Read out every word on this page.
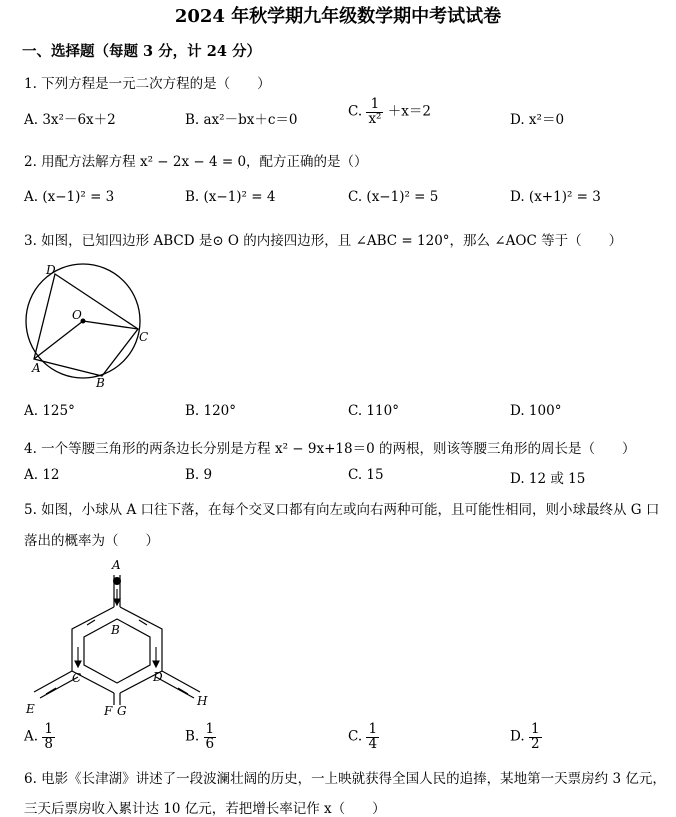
2024 年秋学期九年级数学期中考试试卷
一、选择题（每题 3 分，计 24 分）
1. 下列方程是一元二次方程的是（　　）
A. 3x²－6x＋2	B. ax²－bx＋c＝0
C. $\frac{1}{\text{x²}} +x=2$
D. x²＝0
2. 用配方法解方程 x² − 2x − 4 = 0，配方正确的是（）
A. (x−1)² = 3	B. (x−1)² = 4	C. (x−1)² = 5	D. (x+1)² = 3
3. 如图，已知四边形 ABCD 是⊙ O 的内接四边形，且 ∠ABC = 120°，那么 ∠AOC 等于（　　）
D
O
C
A
B
A. 125°	B. 120°	C. 110°	D. 100°
4. 一个等腰三角形的两条边长分别是方程 x² − 9x+18＝0 的两根，则该等腰三角形的周长是（　　）
A. 12	B. 9	C. 15	D. 12 或 15
5. 如图，小球从 A 口往下落，在每个交叉口都有向左或向右两种可能，且可能性相同，则小球最终从 G 口
落出的概率为（　　）
A
B
C	D
E	F G
H
A. $\frac{1}{8}$	B. $\frac{1}{6}$	C. $\frac{1}{4}$	D. $\frac{1}{2}$
6. 电影《长津湖》讲述了一段波澜壮阔的历史，一上映就获得全国人民的追捧，某地第一天票房约 3 亿元，
三天后票房收入累计达 10 亿元，若把增长率记作 x（　　）
